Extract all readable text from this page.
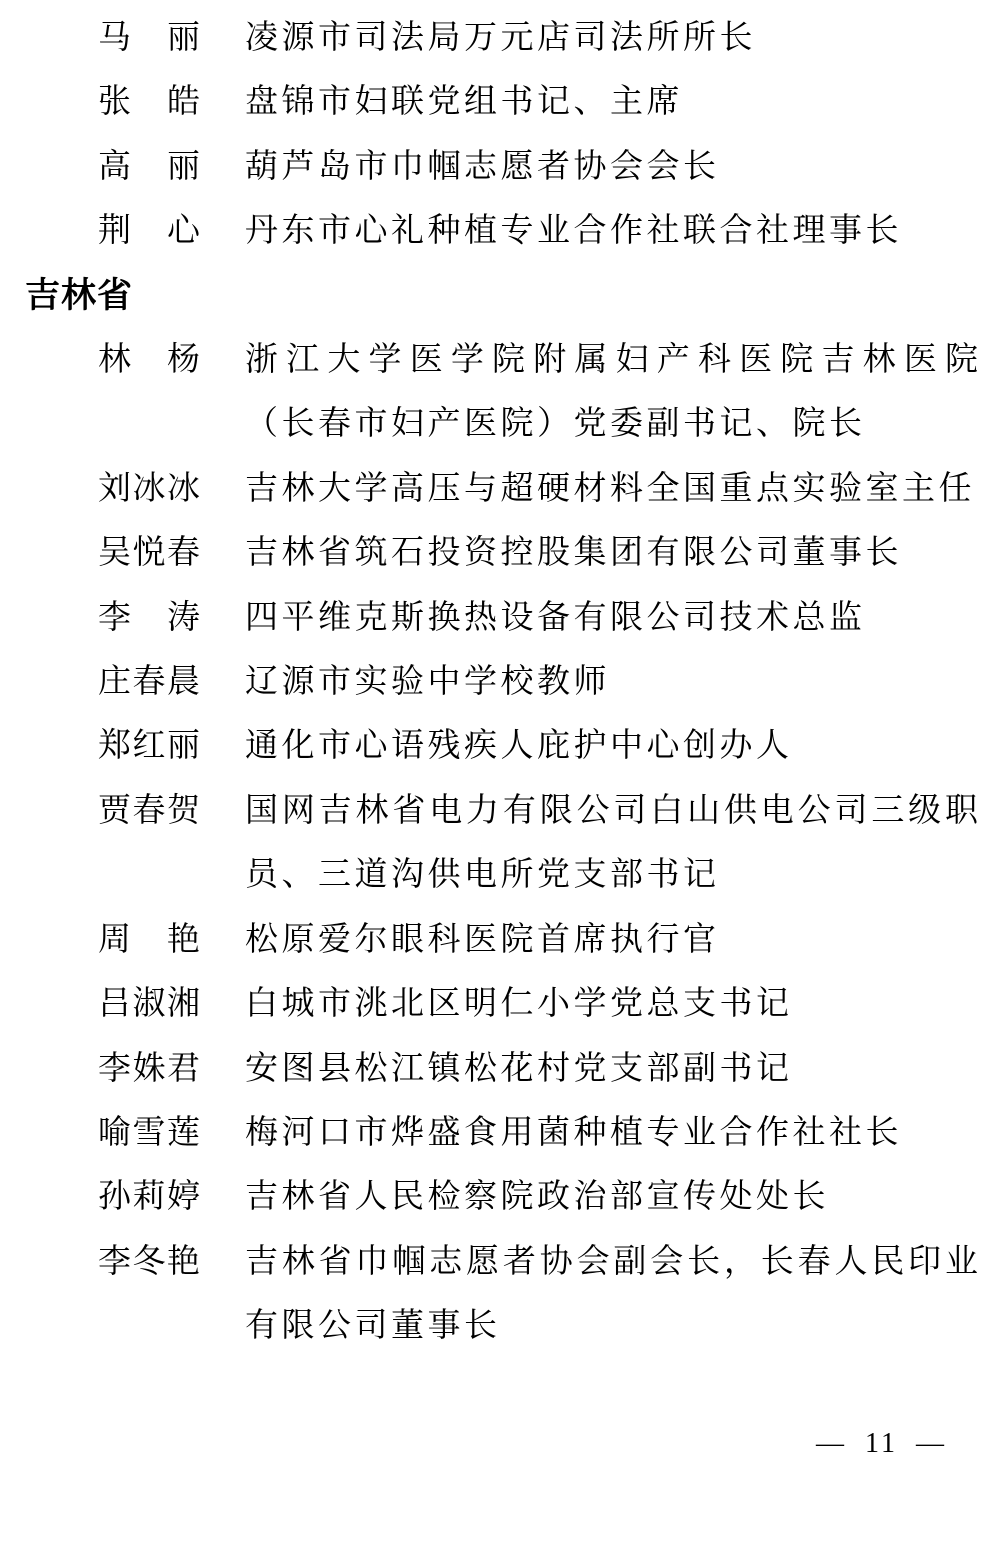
马丽 凌源市司法局万元店司法所所长
张皓 盘锦市妇联党组书记、主席
高丽 葫芦岛市巾帼志愿者协会会长
荆心 丹东市心礼种植专业合作社联合社理事长
吉林省
林杨 浙江大学医学院附属妇产科医院吉林医院
（长春市妇产医院）党委副书记、院长
刘冰冰 吉林大学高压与超硬材料全国重点实验室主任
吴悦春 吉林省筑石投资控股集团有限公司董事长
李涛 四平维克斯换热设备有限公司技术总监
庄春晨 辽源市实验中学校教师
郑红丽 通化市心语残疾人庇护中心创办人
贾春贺 国网吉林省电力有限公司白山供电公司三级职
员、三道沟供电所党支部书记
周艳 松原爱尔眼科医院首席执行官
吕淑湘 白城市洮北区明仁小学党总支书记
李姝君 安图县松江镇松花村党支部副书记
喻雪莲 梅河口市烨盛食用菌种植专业合作社社长
孙莉婷 吉林省人民检察院政治部宣传处处长
李冬艳 吉林省巾帼志愿者协会副会长，长春人民印业
有限公司董事长
— 11 —
